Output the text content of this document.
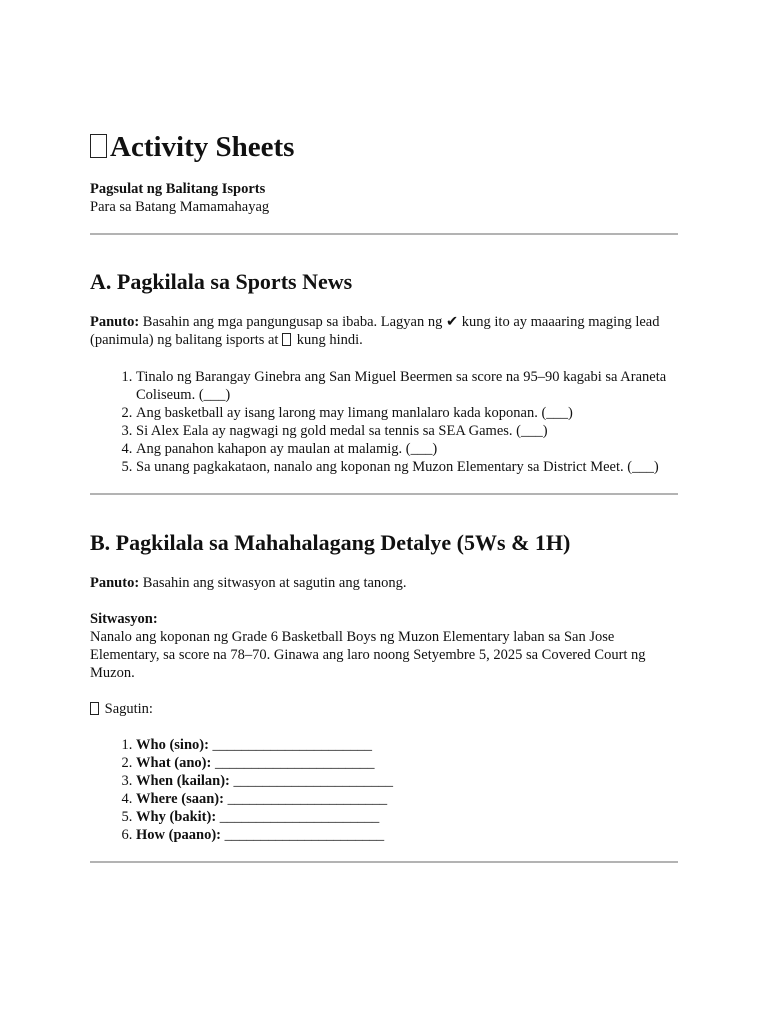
Activity Sheets

Pagsulat ng Balitang Isports
Para sa Batang Mamamahayag

A. Pagkilala sa Sports News

Panuto: Basahin ang mga pangungusap sa ibaba. Lagyan ng ✔ kung ito ay maaaring maging lead (panimula) ng balitang isports at  kung hindi.

1. Tinalo ng Barangay Ginebra ang San Miguel Beermen sa score na 95–90 kagabi sa Araneta Coliseum. (___)
2. Ang basketball ay isang larong may limang manlalaro kada koponan. (___)
3. Si Alex Eala ay nagwagi ng gold medal sa tennis sa SEA Games. (___)
4. Ang panahon kahapon ay maulan at malamig. (___)
5. Sa unang pagkakataon, nanalo ang koponan ng Muzon Elementary sa District Meet. (___)
B. Pagkilala sa Mahahalagang Detalye (5Ws & 1H)

Panuto: Basahin ang sitwasyon at sagutin ang tanong.

Sitwasyon:
Nanalo ang koponan ng Grade 6 Basketball Boys ng Muzon Elementary laban sa San Jose Elementary, sa score na 78–70. Ginawa ang laro noong Setyembre 5, 2025 sa Covered Court ng Muzon.

Sagutin:

1. Who (sino): ______________________
2. What (ano): ______________________
3. When (kailan): ______________________
4. Where (saan): ______________________
5. Why (bakit): ______________________
6. How (paano): ______________________
